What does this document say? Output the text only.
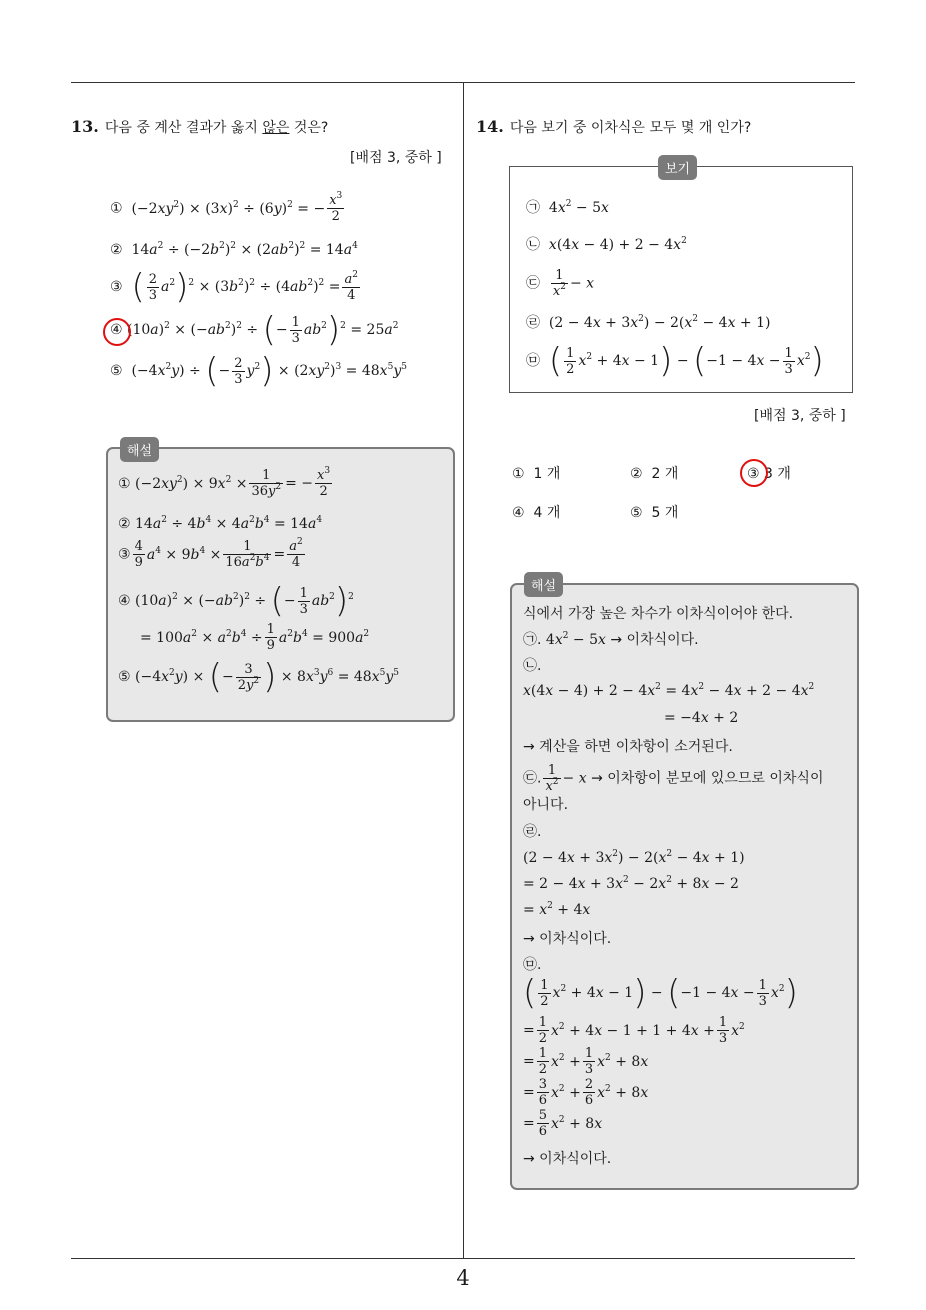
4
13. 다음 중 계산 결과가 옳지 않은 것은?
[배점 3, 중하 ]
① $(-2xy^2) \times (3x)^2 \div (6y)^2$ = − $\frac{x^3}{2}$
②  $14a^2 \div (-2b^2)^2 \times (2ab^2)^2 = 14a^4$
③ ( $\frac{2}{3} a^2)^2 \times (3b^2)^2 \div (4ab^2)^2 = \frac{a^2}{4}$
④ $(10a)^2 \times (-ab^2)^2$ ÷ (− $\frac{1}{3} ab^2)^2 = 25a^2$
⑤ $(-4x^2y)$ ÷ (− $\frac{2}{3} y^2) \times (2xy^2)^3 = 48x^5y^5$
해설
① $(-2xy^2) \times 9x^2 \times \frac{1}{36y^2}$ = − $\frac{x^3}{2}$
② $14a^2 \div 4b^4 \times 4a^2b^4 = 14a^4$
③ $\frac{4}{9} a^4 \times 9b^4 \times \frac{1}{16a^2b^4} = \frac{a^2}{4}$
④ $(10a)^2 \times (-ab^2)^2$ ÷ (− $\frac{1}{3} ab^2)^2$
= $100a^2 \times a^2b^4 \div \frac{1}{9} a^2b^4 = 900a^2$
⑤ $(-4x^2y)$ × (− $\frac{3}{2y^2}$ ) × $8x^3y^6 = 48x^5y^5$
14. 다음 보기 중 이차식은 모두 몇 개 인가?
보기
㉠  $4x^2 - 5x$
㉡ $x(4x - 4) + 2 - 4x^2$
㉢ $\frac{1}{x^2} - x$
㉣  $(2 - 4x + 3x^2) - 2(x^2 - 4x + 1)$
㉤ ( $\frac{1}{2} x^2 + 4x - 1) - (-1 - 4x - \frac{1}{3} x^2)$
[배점 3, 중하 ]
① 1 개	② 2 개	③ 3 개
④ 4 개	⑤ 5 개
해설
식에서 가장 높은 차수가 이차식이어야 한다.
㉠. $4x^2 - 5x$ → 이차식이다.
㉡.
$x(4x - 4) + 2 - 4x^2 = 4x^2 - 4x + 2 - 4x^2$
= −4x + 2
→ 계산을 하면 이차항이 소거된다.
㉢. $\frac{1}{x^2} - x$ → 이차항이 분모에 있으므로 이차식이
아니다.
㉣.
$(2 - 4x + 3x^2) - 2(x^2 - 4x + 1)$
= $2 - 4x + 3x^2 - 2x^2 + 8x - 2$
= $x^2 + 4x$
→ 이차식이다.
㉤.
( $\frac{1}{2} x^2 + 4x - 1) - (-1 - 4x - \frac{1}{3} x^2)$
= $\frac{1}{2} x^2 + 4x - 1 + 1 + 4x + \frac{1}{3} x^2$
= $\frac{1}{2} x^2 + \frac{1}{3} x^2 + 8x$
= $\frac{3}{6} x^2 + \frac{2}{6} x^2 + 8x$
= $\frac{5}{6} x^2 + 8x$
→ 이차식이다.
